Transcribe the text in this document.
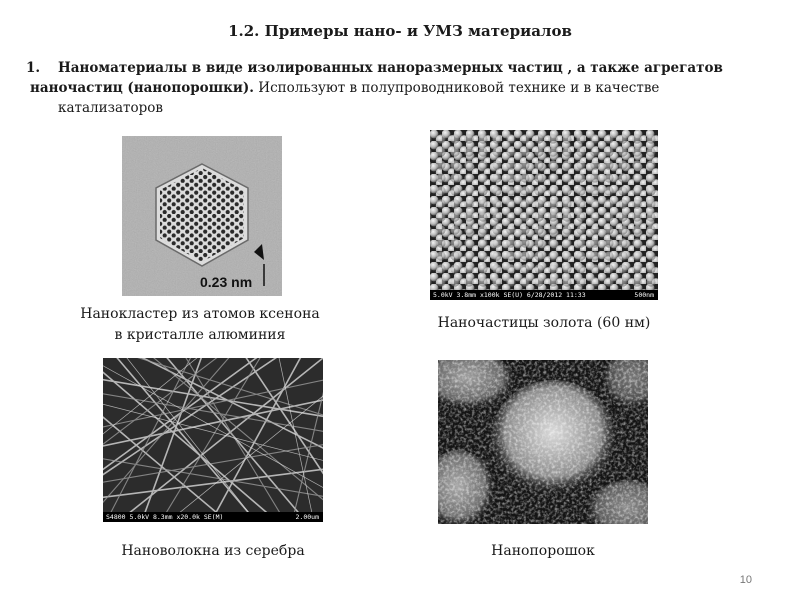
1.2. Примеры нано- и УМЗ материалов
1. Наноматериалы в виде изолированных наноразмерных частиц , а также агрегатов
наночастиц (нанопорошки). Используют в полупроводниковой технике и в качестве
катализаторов
0.23 nm
Нанокластер из атомов ксенона
в кристалле алюминия
5.0kV 3.8mm x100k SE(U) 6/28/2012 11:33	500nm
Наночастицы золота (60 нм)
S4800 5.0kV 8.3mm x20.0k SE(M)	2.00um
Нановолокна из серебра	Нанопорошок
10
